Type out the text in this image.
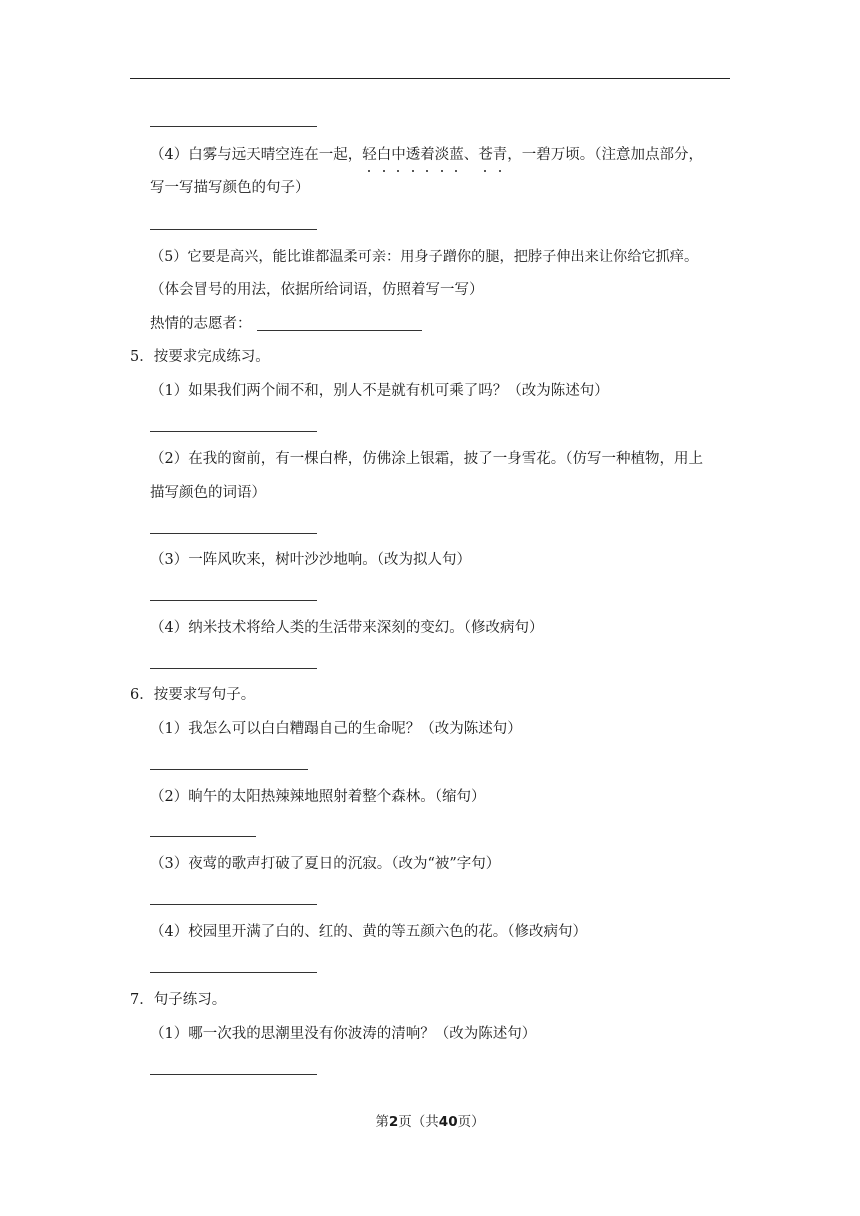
（4）白雾与远天晴空连在一起，轻白中透着淡蓝、苍青，一碧万顷。（注意加点部分，
写一写描写颜色的句子）
（5）它要是高兴，能比谁都温柔可亲：用身子蹭你的腿，把脖子伸出来让你给它抓痒。
（体会冒号的用法，依据所给词语，仿照着写一写）
热情的志愿者：
5．按要求完成练习。
（1）如果我们两个闹不和，别人不是就有机可乘了吗？（改为陈述句）
（2）在我的窗前，有一棵白桦，仿佛涂上银霜，披了一身雪花。（仿写一种植物，用上
描写颜色的词语）
（3）一阵风吹来，树叶沙沙地响。（改为拟人句）
（4）纳米技术将给人类的生活带来深刻的变幻。（修改病句）
6．按要求写句子。
（1）我怎么可以白白糟蹋自己的生命呢？（改为陈述句）
（2）晌午的太阳热辣辣地照射着整个森林。（缩句）
（3）夜莺的歌声打破了夏日的沉寂。（改为“被”字句）
（4）校园里开满了白的、红的、黄的等五颜六色的花。（修改病句）
7．句子练习。
（1）哪一次我的思潮里没有你波涛的清响？（改为陈述句）
第2页（共40页）
